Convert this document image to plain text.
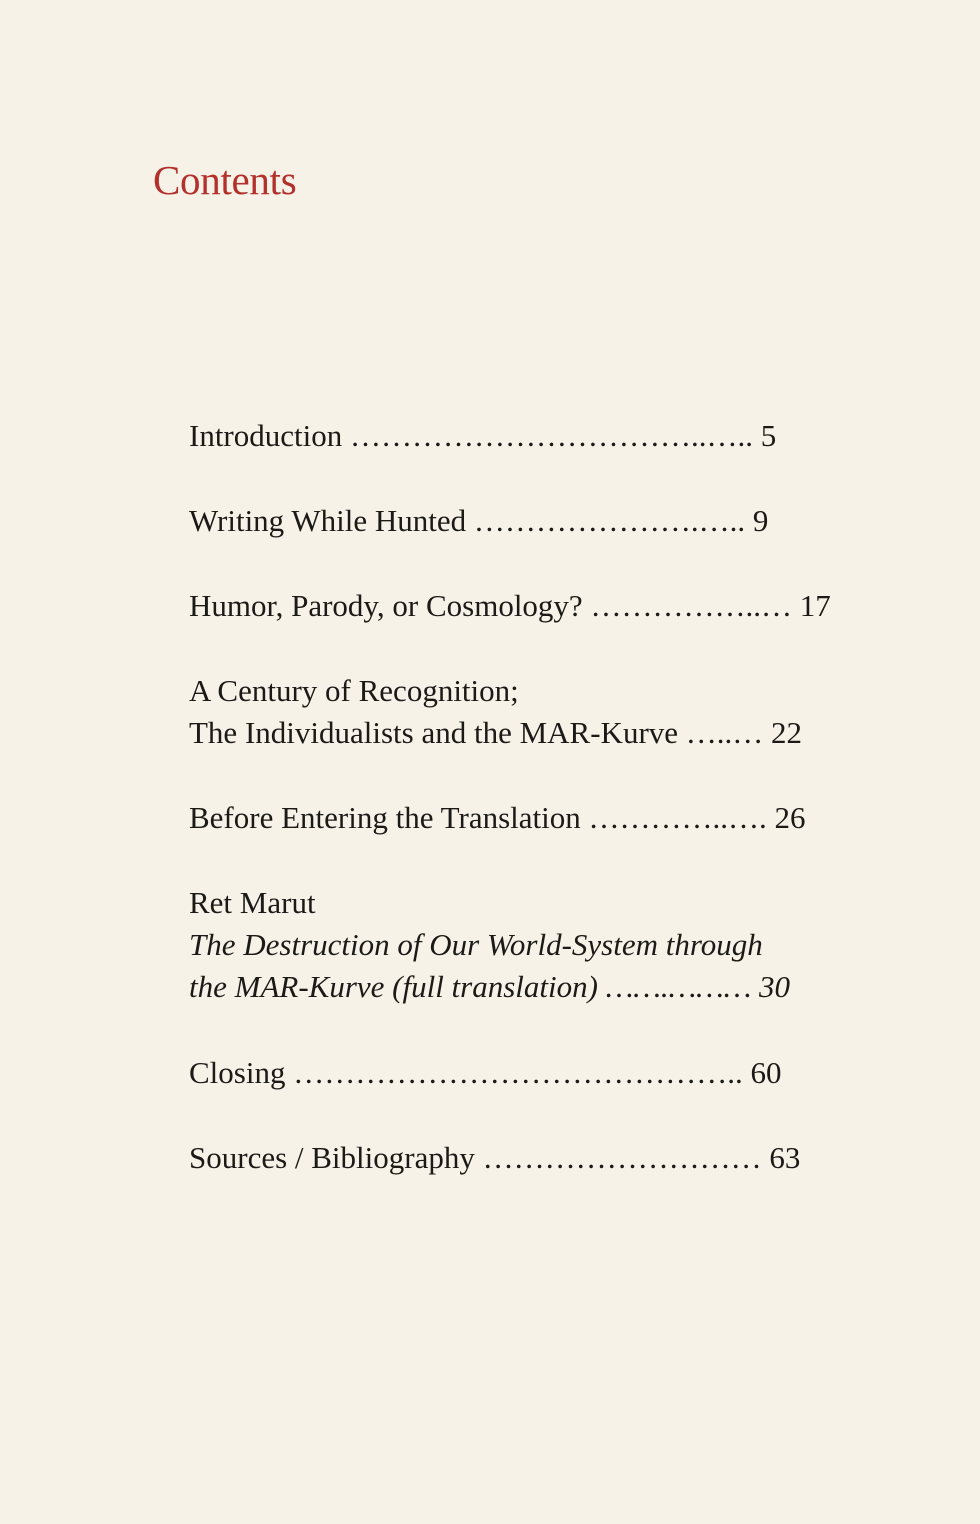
Contents
Introduction ……………………………..….. 5
Writing While Hunted ………………….….. 9
Humor, Parody, or Cosmology? ……………..… 17
A Century of Recognition;
The Individualists and the MAR-Kurve …..… 22
Before Entering the Translation …………..…. 26
Ret Marut
The Destruction of Our World-System through
the MAR-Kurve (full translation) …….……… 30
Closing …………………………………….. 60
Sources / Bibliography ……………………… 63
